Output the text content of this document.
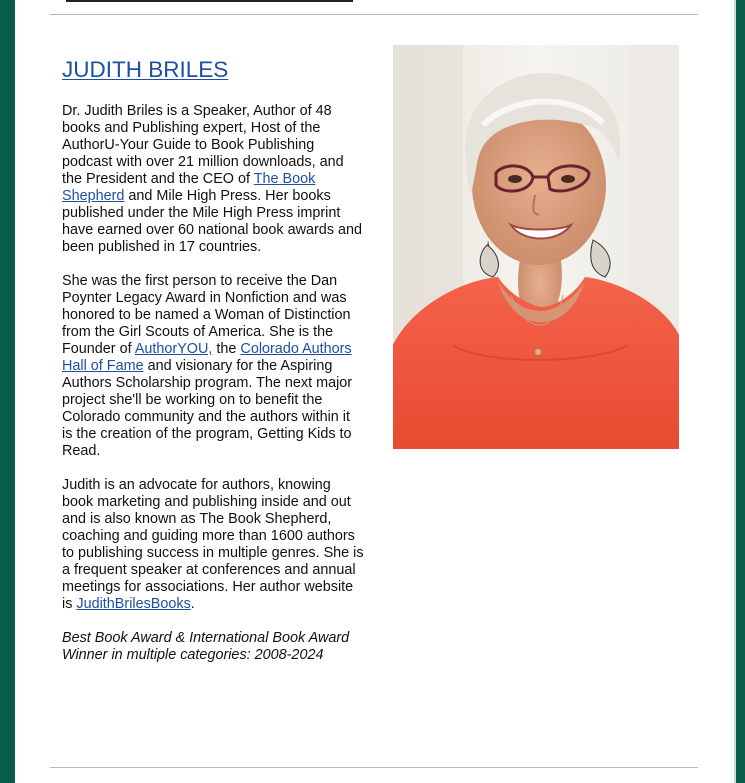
JUDITH BRILES

Dr. Judith Briles is a Speaker, Author of 48 books and Publishing expert, Host of the AuthorU-Your Guide to Book Publishing podcast with over 21 million downloads, and the President and the CEO of The Book Shepherd and Mile High Press. Her books published under the Mile High Press imprint have earned over 60 national book awards and been published in 17 countries.

She was the first person to receive the Dan Poynter Legacy Award in Nonfiction and was honored to be named a Woman of Distinction from the Girl Scouts of America. She is the Founder of AuthorYOU, the Colorado Authors Hall of Fame and visionary for the Aspiring Authors Scholarship program. The next major project she'll be working on to benefit the Colorado community and the authors within it is the creation of the program, Getting Kids to Read.

Judith is an advocate for authors, knowing book marketing and publishing inside and out and is also known as The Book Shepherd, coaching and guiding more than 1600 authors to publishing success in multiple genres. She is a frequent speaker at conferences and annual meetings for associations. Her author website is JudithBrilesBooks.

Best Book Award & International Book Award Winner in multiple categories: 2008-2024
